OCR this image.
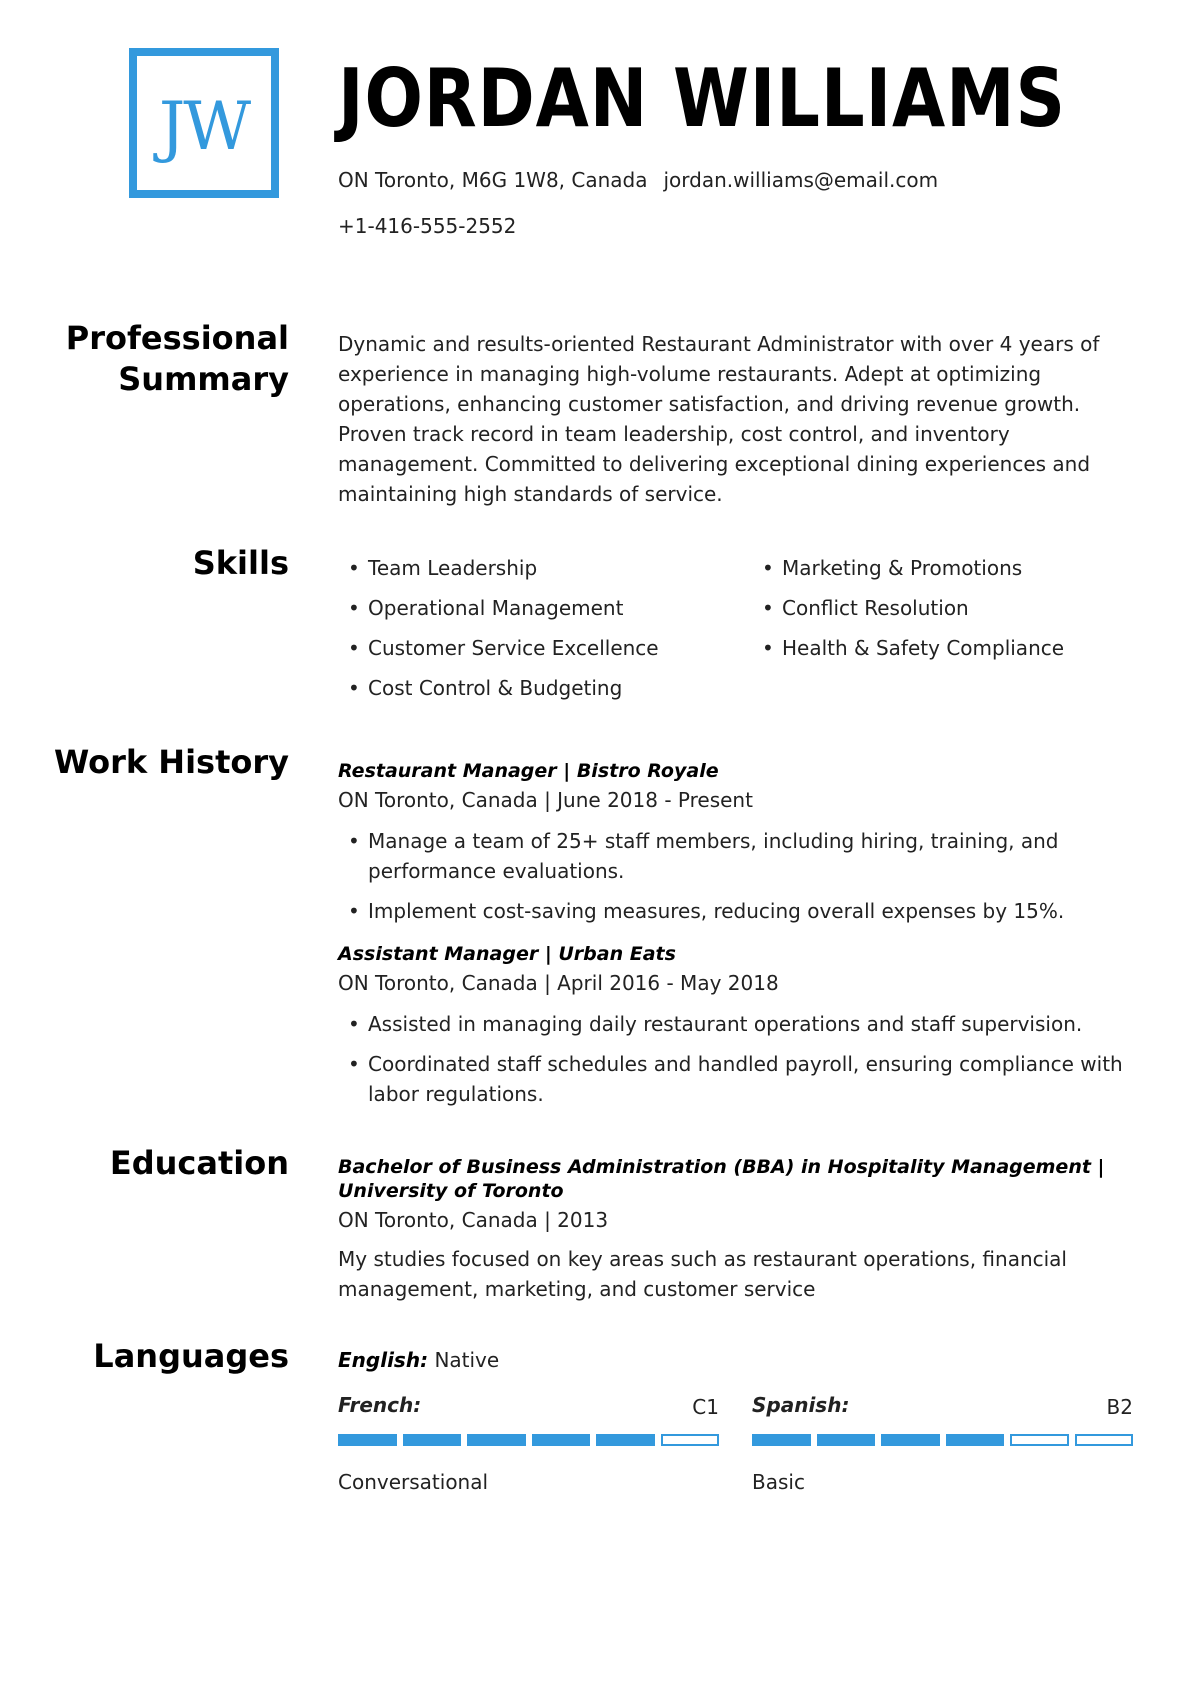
JW JORDAN WILLIAMS
ON Toronto, M6G 1W8, Canada jordan.williams@email.com
+1-416-555-2552
Professional
Summary
Dynamic and results-oriented Restaurant Administrator with over 4 years of experience in managing high-volume restaurants. Adept at optimizing operations, enhancing customer satisfaction, and driving revenue growth. Proven track record in team leadership, cost control, and inventory management. Committed to delivering exceptional dining experiences and maintaining high standards of service.
Skills
•	Team Leadership
• Operational Management
• Customer Service Excellence
• Cost Control & Budgeting
• Marketing & Promotions
• Conflict Resolution
• Health & Safety Compliance
Work History	Restaurant Manager | Bistro Royale
ON Toronto, Canada | June 2018 - Present
• Manage a team of 25+ staff members, including hiring, training, and performance evaluations.
• Implement cost-saving measures, reducing overall expenses by 15%.
Assistant Manager | Urban Eats
ON Toronto, Canada | April 2016 - May 2018
• Assisted in managing daily restaurant operations and staff supervision.
• Coordinated staff schedules and handled payroll, ensuring compliance with labor regulations.
Education	Bachelor of Business Administration (BBA) in Hospitality Management | University of Toronto
ON Toronto, Canada | 2013
My studies focused on key areas such as restaurant operations, financial management, marketing, and customer service
Languages English: Native
French:	C1
Conversational
Spanish:	B2
Basic
